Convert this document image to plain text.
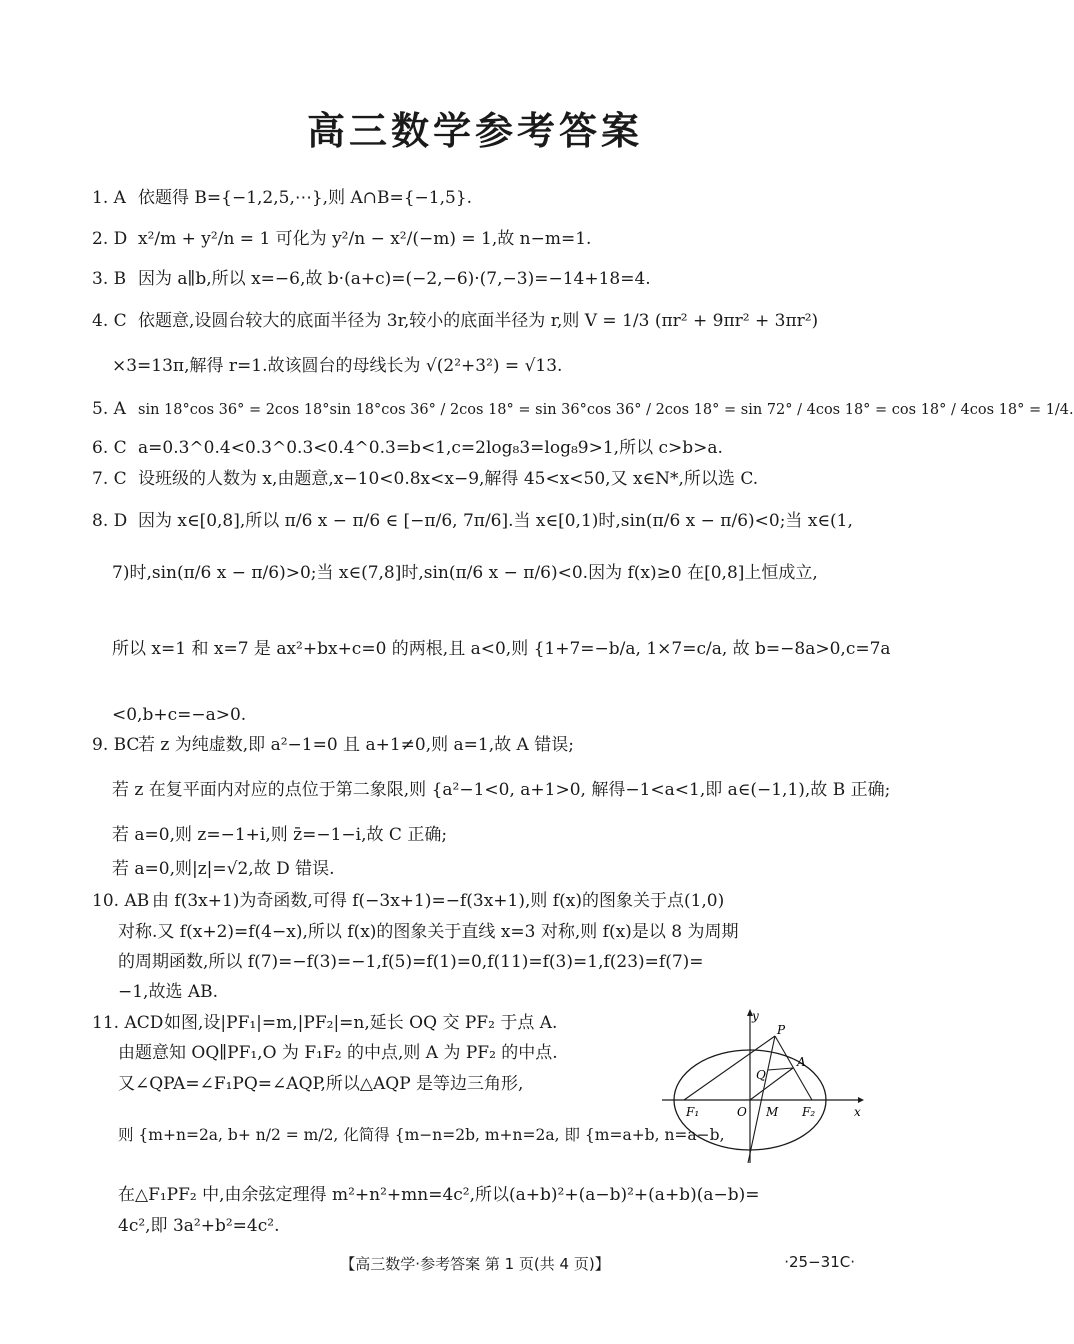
高三数学参考答案
1. A 依题得 B={−1,2,5,⋯},则 A∩B={−1,5}.
2. D x²/m + y²/n = 1 可化为 y²/n − x²/(−m) = 1,故 n−m=1.
3. B 因为 a∥b,所以 x=−6,故 b·(a+c)=(−2,−6)·(7,−3)=−14+18=4.
4. C 依题意,设圆台较大的底面半径为 3r,较小的底面半径为 r,则 V = 1/3 (πr² + 9πr² + 3πr²)
×3=13π,解得 r=1.故该圆台的母线长为 √(2²+3²) = √13.
5. A sin 18°cos 36° = 2cos 18°sin 18°cos 36° / 2cos 18° = sin 36°cos 36° / 2cos 18° = sin 72° / 4cos 18° = cos 18° / 4cos 18° = 1/4.
6. C a=0.3^0.4<0.3^0.3<0.4^0.3=b<1,c=2log₈3=log₈9>1,所以 c>b>a.
7. C 设班级的人数为 x,由题意,x−10<0.8x<x−9,解得 45<x<50,又 x∈N*,所以选 C.
8. D 因为 x∈[0,8],所以 π/6 x − π/6 ∈ [−π/6, 7π/6].当 x∈[0,1)时,sin(π/6 x − π/6)<0;当 x∈(1,
7)时,sin(π/6 x − π/6)>0;当 x∈(7,8]时,sin(π/6 x − π/6)<0.因为 f(x)≥0 在[0,8]上恒成立,
所以 x=1 和 x=7 是 ax²+bx+c=0 的两根,且 a<0,则 {1+7=−b/a, 1×7=c/a, 故 b=−8a>0,c=7a
<0,b+c=−a>0.
9. BC若 z 为纯虚数,即 a²−1=0 且 a+1≠0,则 a=1,故 A 错误;
若 z 在复平面内对应的点位于第二象限,则 {a²−1<0, a+1>0, 解得−1<a<1,即 a∈(−1,1),故 B 正确;
若 a=0,则 z=−1+i,则 z̄=−1−i,故 C 正确;
若 a=0,则|z|=√2,故 D 错误.
10. AB 由 f(3x+1)为奇函数,可得 f(−3x+1)=−f(3x+1),则 f(x)的图象关于点(1,0)
对称.又 f(x+2)=f(4−x),所以 f(x)的图象关于直线 x=3 对称,则 f(x)是以 8 为周期
的周期函数,所以 f(7)=−f(3)=−1,f(5)=f(1)=0,f(11)=f(3)=1,f(23)=f(7)=
−1,故选 AB.
11. ACD如图,设|PF₁|=m,|PF₂|=n,延长 OQ 交 PF₂ 于点 A.
由题意知 OQ∥PF₁,O 为 F₁F₂ 的中点,则 A 为 PF₂ 的中点.
又∠QPA=∠F₁PQ=∠AQP,所以△AQP 是等边三角形,
则 {m+n=2a, b+ n/2 = m/2, 化简得 {m−n=2b, m+n=2a, 即 {m=a+b, n=a−b,
在△F₁PF₂ 中,由余弦定理得 m²+n²+mn=4c²,所以(a+b)²+(a−b)²+(a+b)(a−b)=
4c²,即 3a²+b²=4c².
y
x
O
P
Q
A
M
F₁	F₂
【高三数学·参考答案 第 1 页(共 4 页)】	·25−31C·
